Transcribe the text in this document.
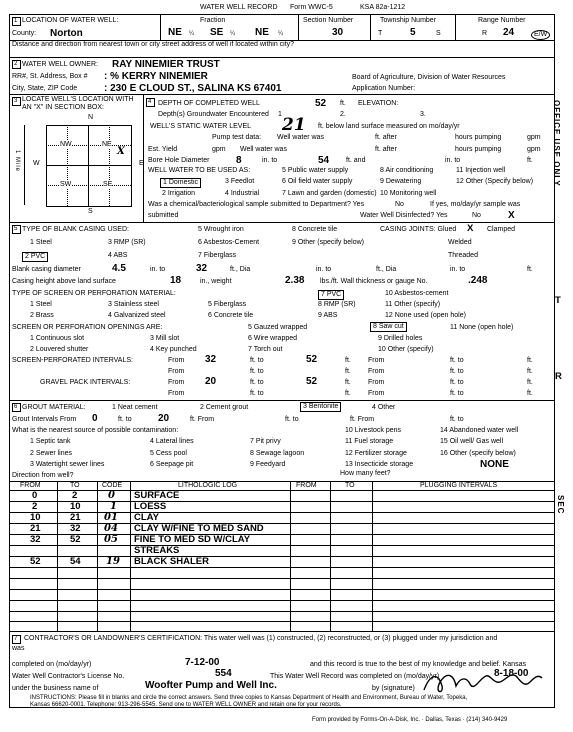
WATER WELL RECORD Form WWC-5	KSA 82a-1212
1 LOCATION OF WATER WELL:
County: Norton
Fraction
NE ¼ SE ¼ NE ¼
Section Number
30
Township Number
T	5	S
Range Number
R 24	E/W
Distance and direction from nearest town or city street address of well if located within city?
2 WATER WELL OWNER: RAY NINEMIER TRUST
RR#, St. Address, Box # : % KERRY NINEMIER
City, State, ZIP Code	: 230 E CLOUD ST., SALINA KS 67401
Board of Agriculture, Division of Water Resources
Application Number:
3 LOCATE WELL'S LOCATION WITH
AN "X" IN SECTION BOX:
N
S
W	E
1 Mile
NW	NE
SW	SE
X
4 DEPTH OF COMPLETED WELL	52 ft. ELEVATION:
Depth(s) Groundwater Encountered 1	2.	3.
WELL'S STATIC WATER LEVEL 21 ft. below land surface measured on mo/day/yr
Pump test data: Well water was	ft. after	hours pumping	gpm
Est. Yield	gpm Well water was	ft. after	hours pumping	gpm
Bore Hole Diameter	8	in. to	54 ft. and	in. to	ft.
WELL WATER TO BE USED AS:
1 Domestic	3 Feedlot
5 Public water supply	8 Air conditioning	11 Injection well
2 Irrigation	4 Industrial
6 Oil field water supply	9 Dewatering	12 Other (Specify below)
7 Lawn and garden (domestic) 10 Monitoring well
Was a chemical/bacteriological sample submitted to Department? Yes	No	If yes, mo/day/yr sample was
submitted	Water Well Disinfected? Yes	No	X
OFFICE USE ONLY
5 TYPE OF BLANK CASING USED:
1 Steel	3 RMP (SR)
5 Wrought iron
6 Asbestos-Cement
8 Concrete tile
9 Other (specify below)
2 PVC	4 ABS	7 Fiberglass
CASING JOINTS: Glued X Clamped
Welded
Threaded
Blank casing diameter	4.5	in. to	32	ft., Dia	in. to	ft., Dia	in. to	ft.
Casing height above land surface	18	in., weight	2.38 lbs./ft. Wall thickness or gauge No.	.248
TYPE OF SCREEN OR PERFORATION MATERIAL:
1 Steel	3 Stainless steel	5 Fiberglass
7 PVC	10 Asbestos-cement
2 Brass	4 Galvanized steel	6 Concrete tile
8 RMP (SR)
9 ABS
11 Other (specify)
12 None used (open hole)
SCREEN OR PERFORATION OPENINGS ARE:	5 Gauzed wrapped	8 Saw cut	11 None (open hole)
1 Continuous slot	3 Mill slot	6 Wire wrapped	9 Drilled holes
2 Louvered shutter	4 Key punched	7 Torch out	10 Other (specify)
SCREEN-PERFORATED INTERVALS:	From 32	ft. to	52	ft. From	ft. to	ft.
From	ft. to	ft. From	ft. to	ft.
GRAVEL PACK INTERVALS:	From 20	ft. to	52	ft. From	ft. to	ft.
From	ft. to	ft. From	ft. to	ft.
T
R
6 GROUT MATERIAL:	1 Neat cement	2 Cement grout	3 Bentonite	4 Other
Grout Intervals From 0	ft. to	20	ft. From	ft. to	ft. From	ft. to
What is the nearest source of possible contamination:
1 Septic tank	4 Lateral lines	7 Pit privy
10 Livestock pens	14 Abandoned water well
2 Sewer lines	5 Cess pool	8 Sewage lagoon
11 Fuel storage	15 Oil well/ Gas well
3 Watertight sewer lines	6 Seepage pit	9 Feedyard
12 Fertilizer storage
13 Insecticide storage
16 Other (specify below)
NONE
Direction from well?	How many feet?
FROM	TO	CODE	LITHOLOGIC LOG	FROM	TO	PLUGGING INTERVALS
0	2	0 SURFACE
2	10	1 LOESS
10	21 01 CLAY
21	32 04 CLAY W/FINE TO MED SAND
32	52 05 FINE TO MED SD W/CLAY
STREAKS
52	54	19 BLACK SHALER
SEC
7 CONTRACTOR'S OR LANDOWNER'S CERTIFICATION: This water well was (1) constructed, (2) reconstructed, or (3) plugged under my jurisdiction and
was
completed on (mo/day/yr)	7-12-00	and this record is true to the best of my knowledge and belief. Kansas
Water Well Contractor's License No.	554	This Water Well Record was completed on (mo/day/yr)	8-18-00
under the business name of	Woofter Pump and Well Inc.	by (signature)
INSTRUCTIONS: Please fill in blanks and circle the correct answers. Send three copies to Kansas Department of Health and Environment, Bureau of Water, Topeka,
Kansas 66620-0001. Telephone: 913-296-5545. Send one to WATER WELL OWNER and retain one for your records.
Form provided by Forms-On-A-Disk, Inc. · Dallas, Texas · (214) 340-9429
